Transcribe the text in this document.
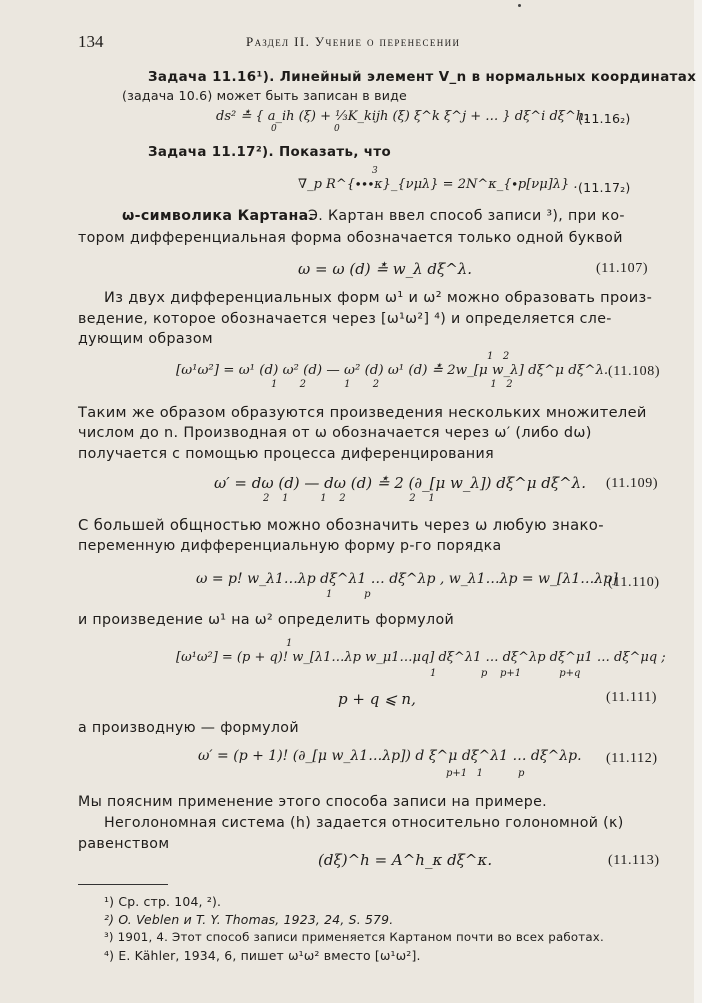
134	Раздел II. Учение о перенесении
Задача 11.16¹). Линейный элемент V_n в нормальных координатах
(задача 10.6) может быть записан в виде
ds² ≛ { a_ih (ξ) + ⅓K_kijh (ξ) ξ^k ξ^j + … } dξ^i dξ^h.
0                    0
(11.16₂)
Задача 11.17²). Показать, что
3
∇_p R^{∙∙∙κ}_{νμλ} = 2N^κ_{∙p[νμ]λ} . (11.17₂)
ω-символика Картана.
Э. Картан ввел способ записи ³), при ко-
тором дифференциальная форма обозначается только одной буквой
ω = ω (d) ≛ w_λ dξ^λ.	(11.107)
Из двух дифференциальных форм ω¹ и ω² можно образовать произ-
ведение, которое обозначается через [ω¹ω²] ⁴) и определяется сле-
дующим образом
1   2
[ω¹ω²] = ω¹ (d) ω² (d) — ω² (d) ω¹ (d) ≛ 2w_[μ w_λ] dξ^μ dξ^λ.
1       2            1       2                                   1   2
(11.108)
Таким же образом образуются произведения нескольких множителей
числом до n. Производная от ω обозначается через ω′ (либо dω)
получается с помощью процесса диференцирования
ω′ = dω (d) — dω (d) ≛ 2 (∂_[μ w_λ]) dξ^μ dξ^λ.
2    1          1    2                    2    1
(11.109)
С большей общностью можно обозначить через ω любую знако-
переменную дифференциальную форму p-го порядка
ω = p! w_λ1…λp dξ^λ1 … dξ^λp , w_λ1…λp = w_[λ1…λp]
1          p
(11.110)
и произведение ω¹ на ω² определить формулой
1
[ω¹ω²] = (p + q)! w_[λ1…λp w_μ1…μq] dξ^λ1 … dξ^λp dξ^μ1 … dξ^μq ;
1              p    p+1            p+q
p + q ⩽ n,	(11.111)
а производную — формулой
ω′ = (p + 1)! (∂_[μ w_λ1…λp]) d ξ^μ dξ^λ1 … dξ^λp.
p+1   1           p
(11.112)
Мы поясним применение этого способа записи на примере.
Неголономная система (h) задается относительно голономной (κ)
равенством
(dξ)^h = A^h_κ dξ^κ.	(11.113)
¹) Ср. стр. 104, ²).
²) O. Veblen и T. Y. Thomas, 1923, 24, S. 579.
³) 1901, 4. Этот способ записи применяется Картаном почти во всех работах.
⁴) E. Kähler, 1934, 6, пишет ω¹ω² вместо [ω¹ω²].
